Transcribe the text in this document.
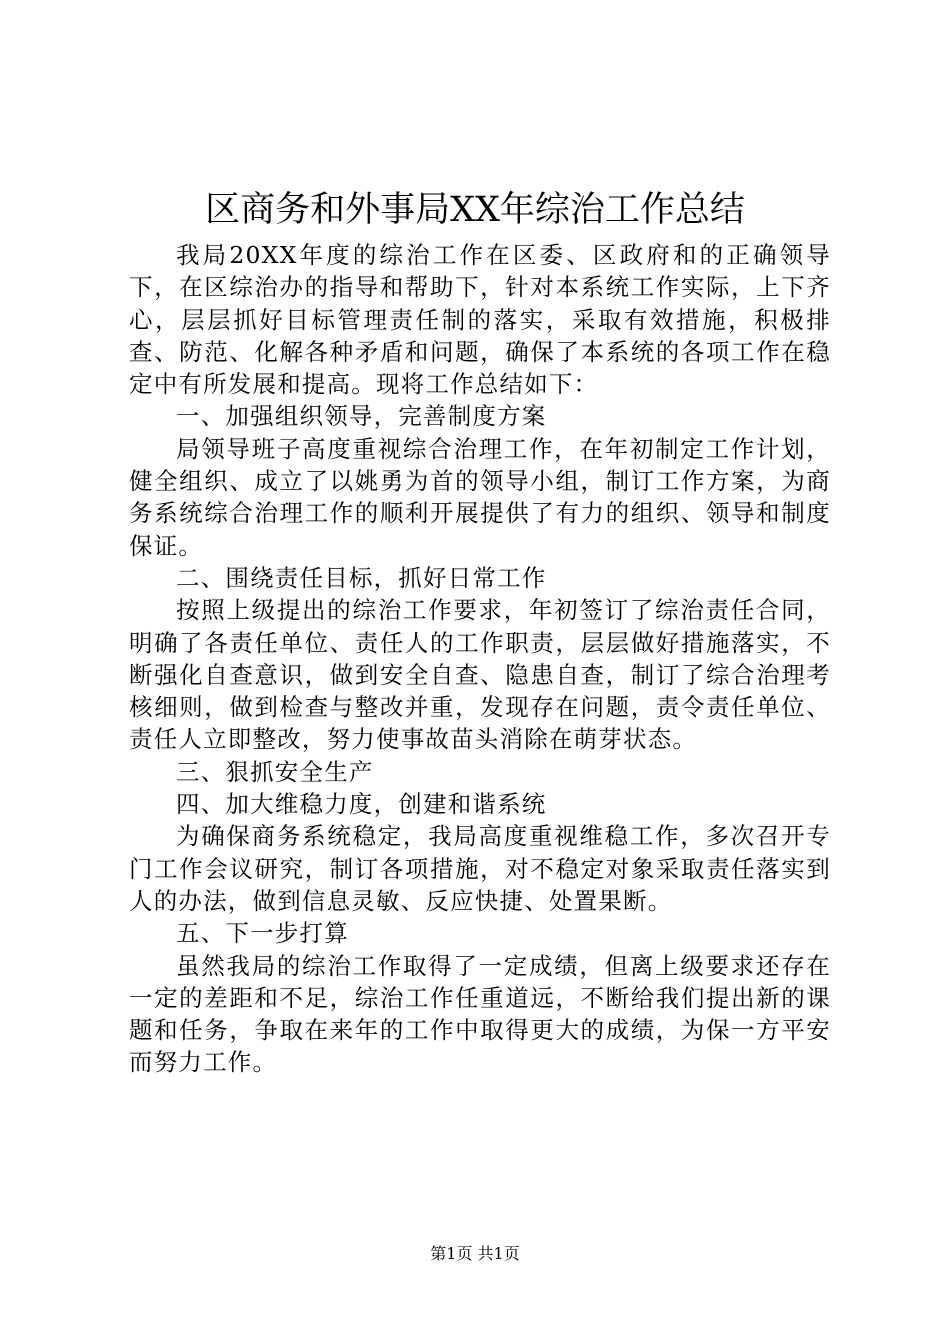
区商务和外事局XX年综治工作总结

我局20XX年度的综治工作在区委、区政府和的正确领导下，在区综治办的指导和帮助下，针对本系统工作实际，上下齐心，层层抓好目标管理责任制的落实，采取有效措施，积极排查、防范、化解各种矛盾和问题，确保了本系统的各项工作在稳定中有所发展和提高。现将工作总结如下：

一、加强组织领导，完善制度方案

局领导班子高度重视综合治理工作，在年初制定工作计划，健全组织、成立了以姚勇为首的领导小组，制订工作方案，为商务系统综合治理工作的顺利开展提供了有力的组织、领导和制度保证。

二、围绕责任目标，抓好日常工作

按照上级提出的综治工作要求，年初签订了综治责任合同，明确了各责任单位、责任人的工作职责，层层做好措施落实，不断强化自查意识，做到安全自查、隐患自查，制订了综合治理考核细则，做到检查与整改并重，发现存在问题，责令责任单位、责任人立即整改，努力使事故苗头消除在萌芽状态。

三、狠抓安全生产

四、加大维稳力度，创建和谐系统

为确保商务系统稳定，我局高度重视维稳工作，多次召开专门工作会议研究，制订各项措施，对不稳定对象采取责任落实到人的办法，做到信息灵敏、反应快捷、处置果断。

五、下一步打算

虽然我局的综治工作取得了一定成绩，但离上级要求还存在一定的差距和不足，综治工作任重道远，不断给我们提出新的课题和任务，争取在来年的工作中取得更大的成绩，为保一方平安而努力工作。

第1页 共1页
